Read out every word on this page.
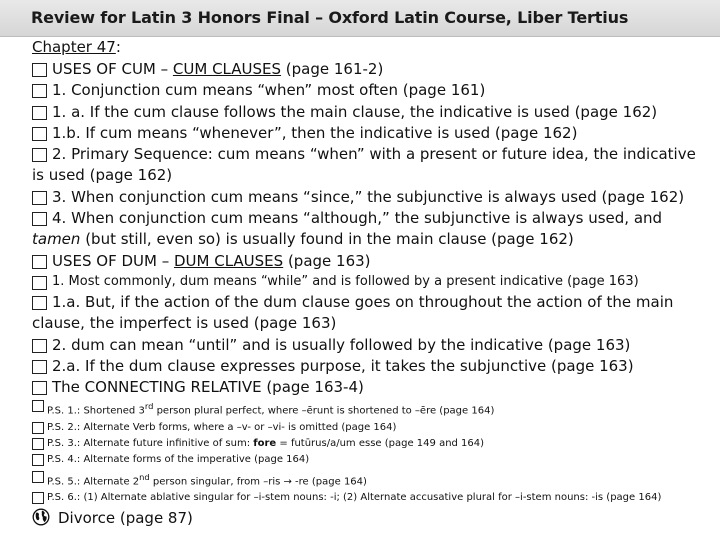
Review for Latin 3 Honors Final – Oxford Latin Course, Liber Tertius
Chapter 47:
USES OF CUM – CUM CLAUSES (page 161-2)
1. Conjunction cum means “when” most often (page 161)
1. a. If the cum clause follows the main clause, the indicative is used (page 162)
1.b. If cum means “whenever”, then the indicative is used (page 162)
2. Primary Sequence: cum means “when” with a present or future idea, the indicative is used (page 162)
3. When conjunction cum means “since,” the subjunctive is always used (page 162)
4. When conjunction cum means “although,” the subjunctive is always used, and tamen (but still, even so) is usually found in the main clause (page 162)
USES OF DUM – DUM CLAUSES (page 163)
1. Most commonly, dum means “while” and is followed by a present indicative (page 163)
1.a. But, if the action of the dum clause goes on throughout the action of the main clause, the imperfect is used (page 163)
2. dum can mean “until” and is usually followed by the indicative (page 163)
2.a. If the dum clause expresses purpose, it takes the subjunctive (page 163)
The CONNECTING RELATIVE (page 163-4)
P.S. 1.: Shortened 3rd person plural perfect, where –ērunt is shortened to –ēre (page 164)
P.S. 2.: Alternate Verb forms, where a –v- or –vi- is omitted (page 164)
P.S. 3.: Alternate future infinitive of sum: fore = futūrus/a/um esse (page 149 and 164)
P.S. 4.: Alternate forms of the imperative (page 164)
P.S. 5.: Alternate 2nd person singular, from –ris → -re (page 164)
P.S. 6.: (1) Alternate ablative singular for –i-stem nouns: -i; (2) Alternate accusative plural for –i-stem nouns: -is (page 164)
Divorce (page 87)
